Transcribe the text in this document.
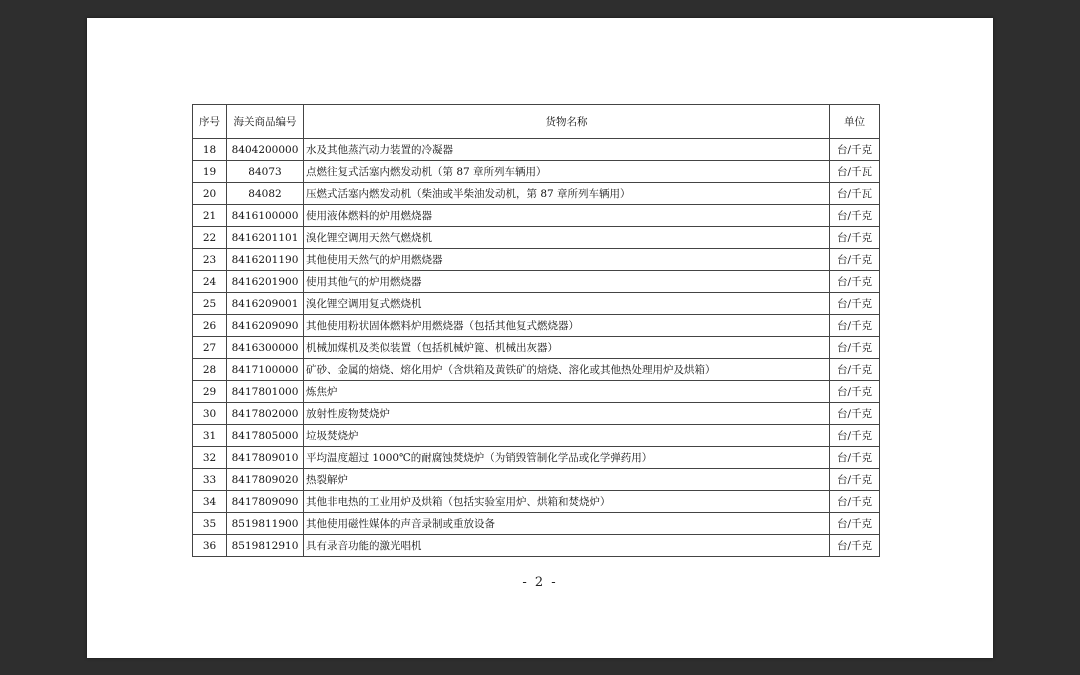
序号	海关商品编号	货物名称	单位
18	8404200000	水及其他蒸汽动力装置的冷凝器	台/千克
19	84073	点燃往复式活塞内燃发动机（第 87 章所列车辆用）	台/千瓦
20	84082	压燃式活塞内燃发动机（柴油或半柴油发动机，第 87 章所列车辆用）	台/千瓦
21	8416100000	使用液体燃料的炉用燃烧器	台/千克
22	8416201101	溴化锂空调用天然气燃烧机	台/千克
23	8416201190	其他使用天然气的炉用燃烧器	台/千克
24	8416201900	使用其他气的炉用燃烧器	台/千克
25	8416209001	溴化锂空调用复式燃烧机	台/千克
26	8416209090	其他使用粉状固体燃料炉用燃烧器（包括其他复式燃烧器）	台/千克
27	8416300000	机械加煤机及类似装置（包括机械炉篦、机械出灰器）	台/千克
28	8417100000	矿砂、金属的焙烧、熔化用炉（含烘箱及黄铁矿的焙烧、溶化或其他热处理用炉及烘箱）	台/千克
29	8417801000	炼焦炉	台/千克
30	8417802000	放射性废物焚烧炉	台/千克
31	8417805000	垃圾焚烧炉	台/千克
32	8417809010	平均温度超过 1000℃的耐腐蚀焚烧炉（为销毁管制化学品或化学弹药用）	台/千克
33	8417809020	热裂解炉	台/千克
34	8417809090	其他非电热的工业用炉及烘箱（包括实验室用炉、烘箱和焚烧炉）	台/千克
35	8519811900	其他使用磁性媒体的声音录制或重放设备	台/千克
36	8519812910	具有录音功能的激光唱机	台/千克
- 2 -
